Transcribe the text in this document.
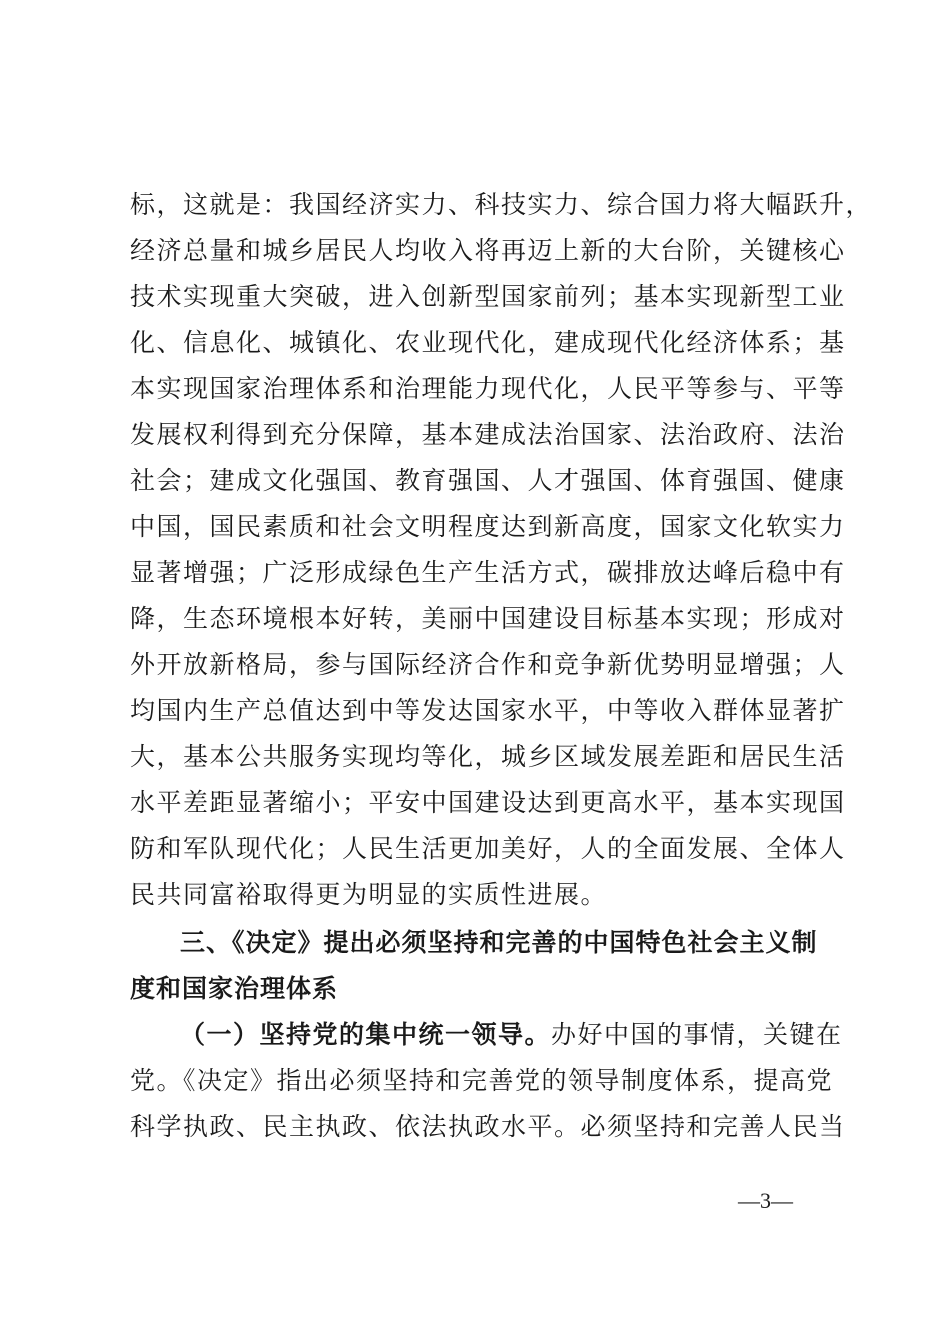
标，这就是：我国经济实力、科技实力、综合国力将大幅跃升，
经济总量和城乡居民人均收入将再迈上新的大台阶，关键核心
技术实现重大突破，进入创新型国家前列；基本实现新型工业
化、信息化、城镇化、农业现代化，建成现代化经济体系；基
本实现国家治理体系和治理能力现代化，人民平等参与、平等
发展权利得到充分保障，基本建成法治国家、法治政府、法治
社会；建成文化强国、教育强国、人才强国、体育强国、健康
中国，国民素质和社会文明程度达到新高度，国家文化软实力
显著增强；广泛形成绿色生产生活方式，碳排放达峰后稳中有
降，生态环境根本好转，美丽中国建设目标基本实现；形成对
外开放新格局，参与国际经济合作和竞争新优势明显增强；人
均国内生产总值达到中等发达国家水平，中等收入群体显著扩
大，基本公共服务实现均等化，城乡区域发展差距和居民生活
水平差距显著缩小；平安中国建设达到更高水平，基本实现国
防和军队现代化；人民生活更加美好，人的全面发展、全体人
民共同富裕取得更为明显的实质性进展。
三、《决定》提出必须坚持和完善的中国特色社会主义制
度和国家治理体系
（一）坚持党的集中统一领导。办好中国的事情，关键在
党。《决定》指出必须坚持和完善党的领导制度体系，提高党
科学执政、民主执政、依法执政水平。必须坚持和完善人民当
—3—
